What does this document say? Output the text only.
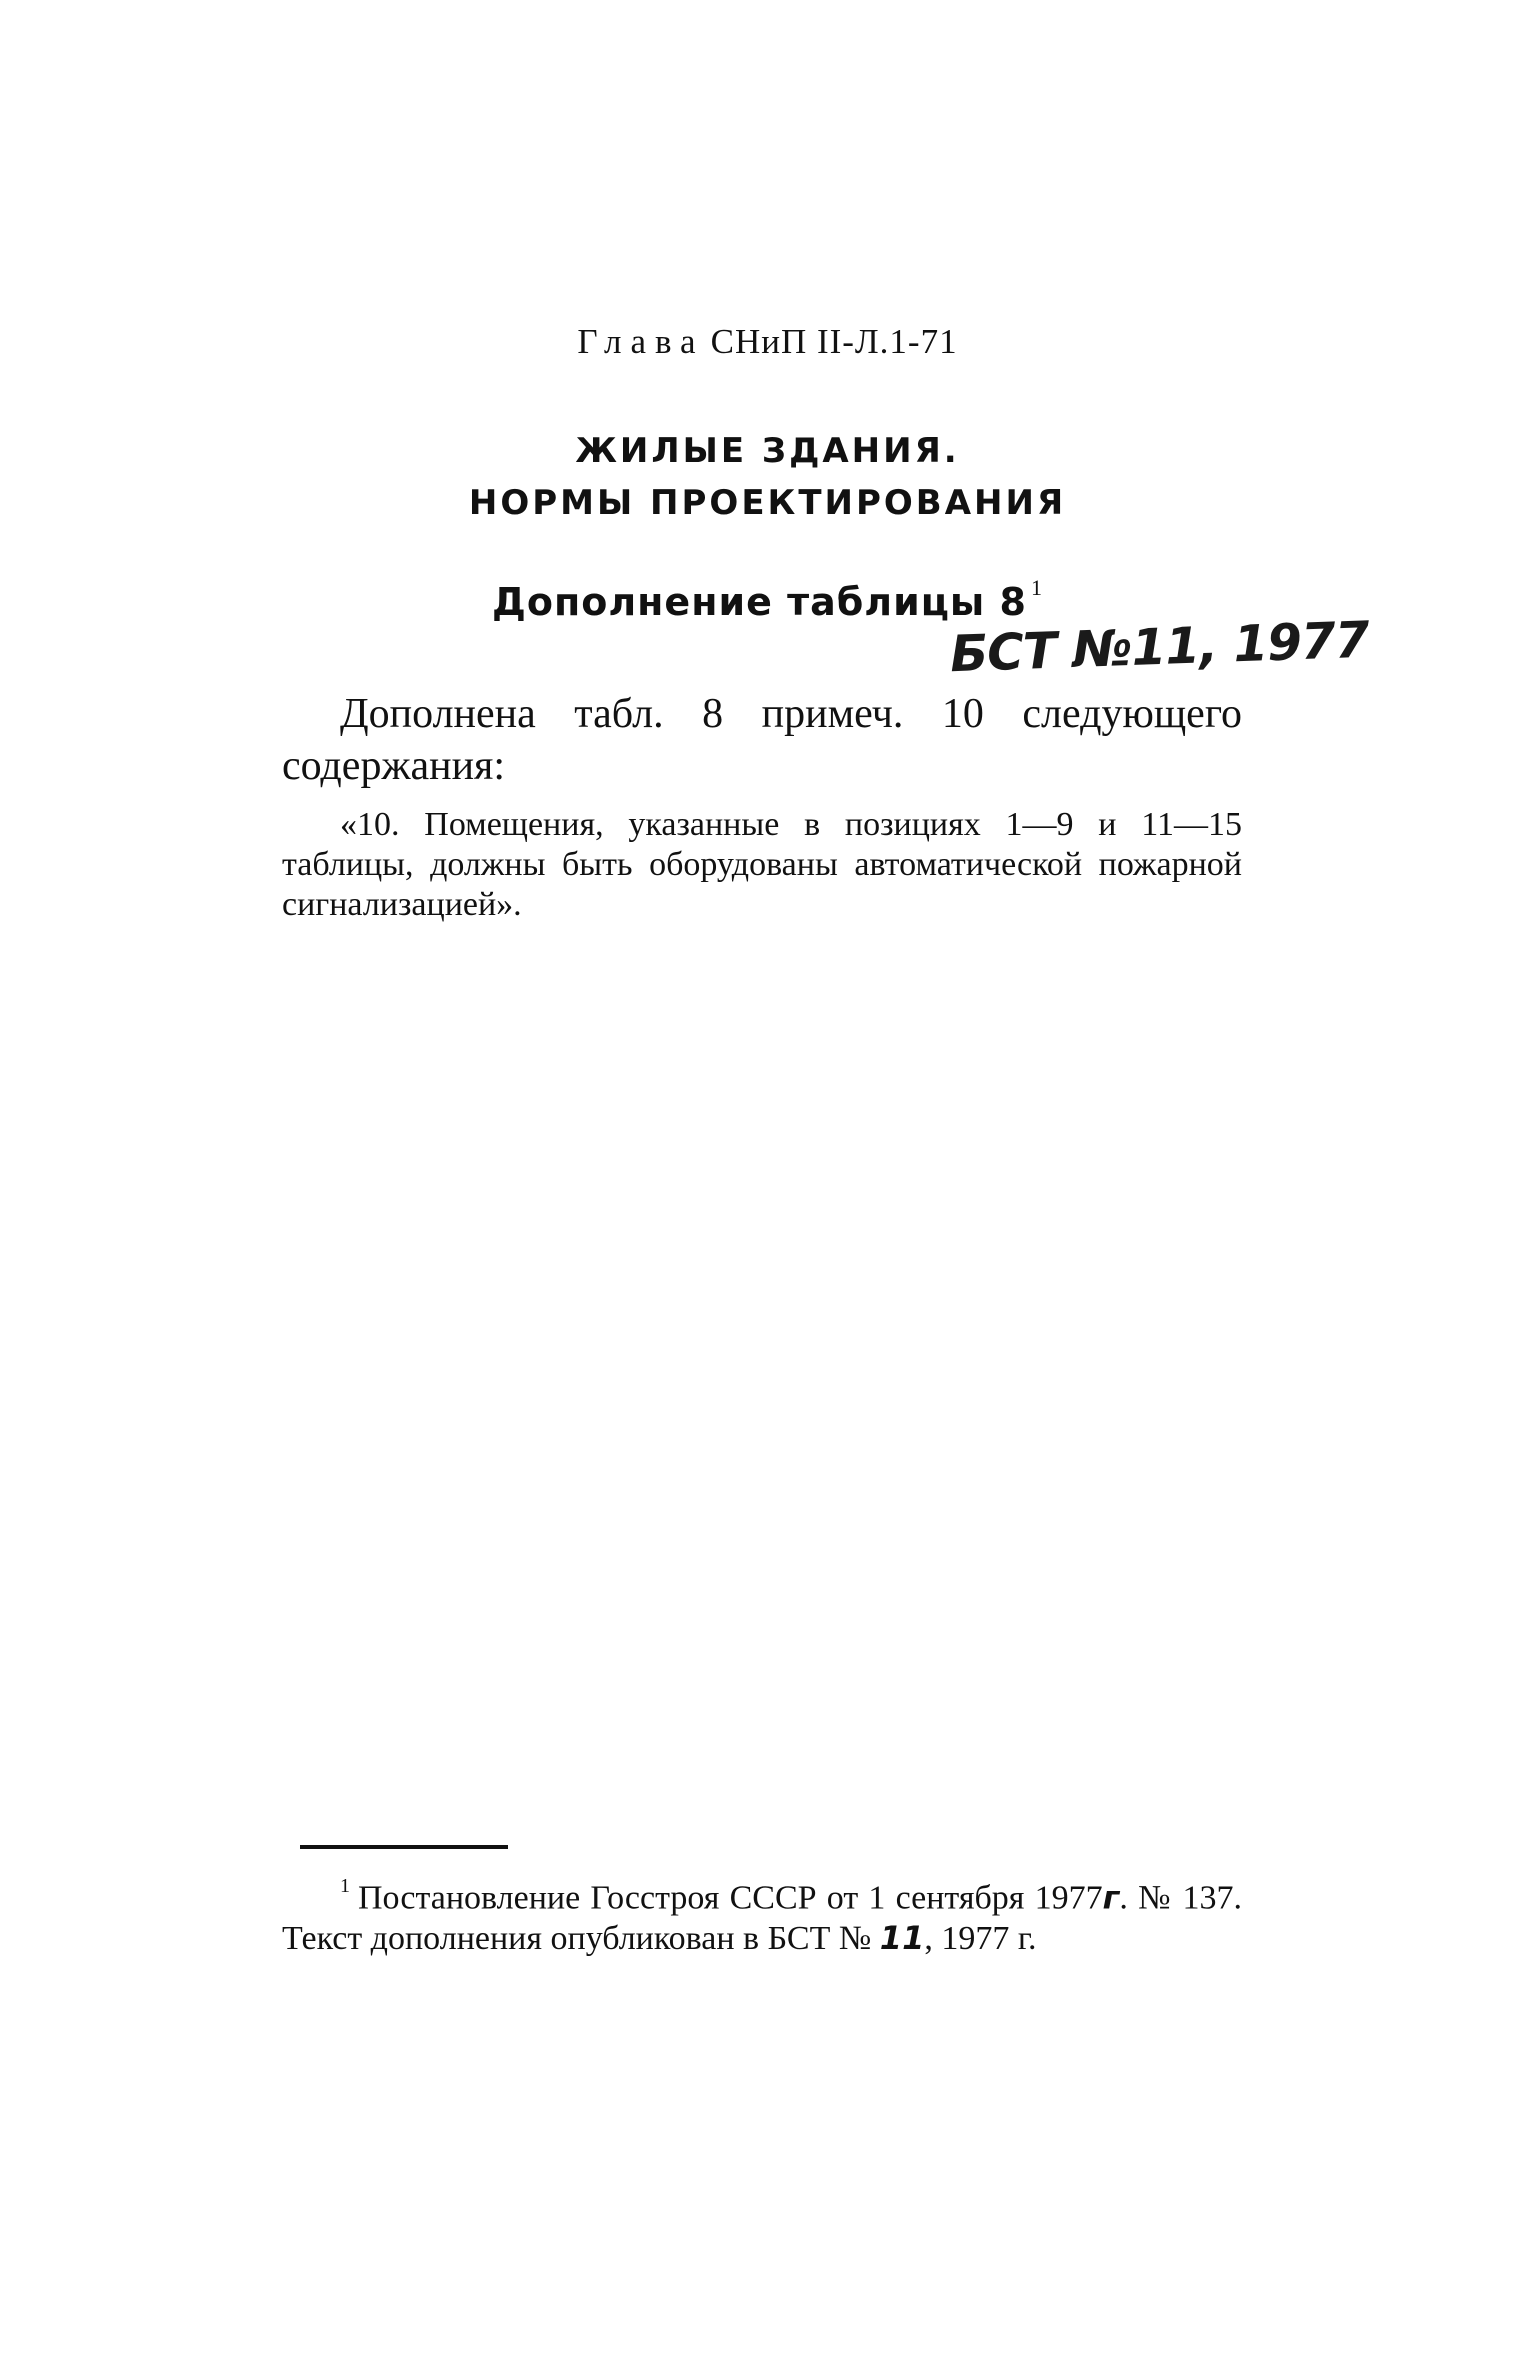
Глава СНиП II-Л.1-71
ЖИЛЫЕ ЗДАНИЯ.
НОРМЫ ПРОЕКТИРОВАНИЯ
Дополнение таблицы 8 $^1$
БСТ №11, 1977
Дополнена табл. 8 примеч. 10 следующего содержания:
«10. Помещения, указанные в позициях 1—9 и 11—15 таблицы, должны быть оборудованы автоматической пожарной сигнализацией».
$^1$ Постановление Госстроя СССР от 1 сентября 1977г. № 137. Текст дополнения опубликован в БСТ № 11, 1977 г.
